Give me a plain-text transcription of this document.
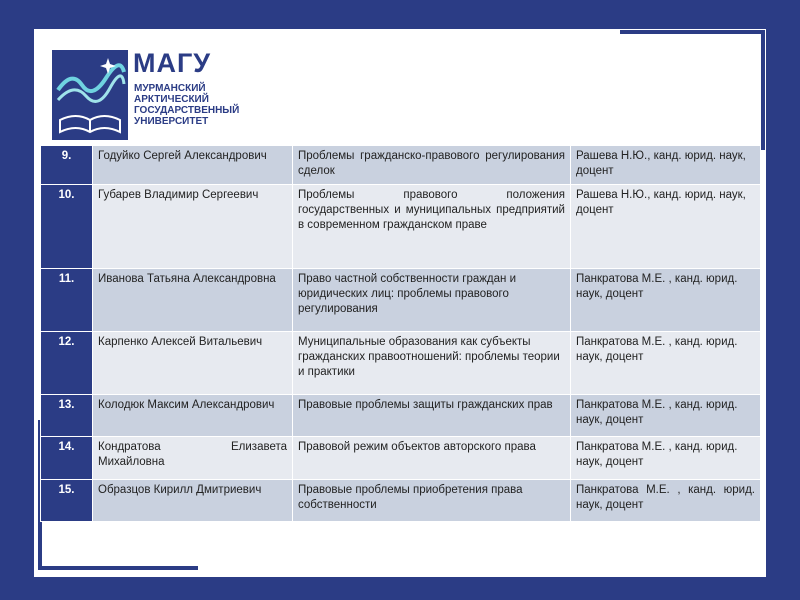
МАГУ
МУРМАНСКИЙ
АРКТИЧЕСКИЙ
ГОСУДАРСТВЕННЫЙ
УНИВЕРСИТЕТ
9.	Годуйко Сергей Александрович	Проблемы гражданско-правового регулирования сделок	Рашева Н.Ю., канд. юрид. наук, доцент
10.	Губарев Владимир Сергеевич	Проблемы правового положения государственных и муниципальных предприятий в современном гражданском праве	Рашева Н.Ю., канд. юрид. наук, доцент
11.	Иванова Татьяна Александровна	Право частной собственности граждан и юридических лиц: проблемы правового регулирования	Панкратова М.Е. , канд. юрид. наук, доцент
12.	Карпенко Алексей Витальевич	Муниципальные образования как субъекты гражданских правоотношений: проблемы теории и практики	Панкратова М.Е. , канд. юрид. наук, доцент
13.	Колодюк Максим Александрович	Правовые проблемы защиты гражданских прав	Панкратова М.Е. , канд. юрид. наук, доцент
14.	Кондратова Елизавета Михайловна	Правовой режим объектов авторского права	Панкратова М.Е. , канд. юрид. наук, доцент
15.	Образцов Кирилл Дмитриевич	Правовые проблемы приобретения права собственности	Панкратова М.Е. , канд. юрид. наук, доцент
